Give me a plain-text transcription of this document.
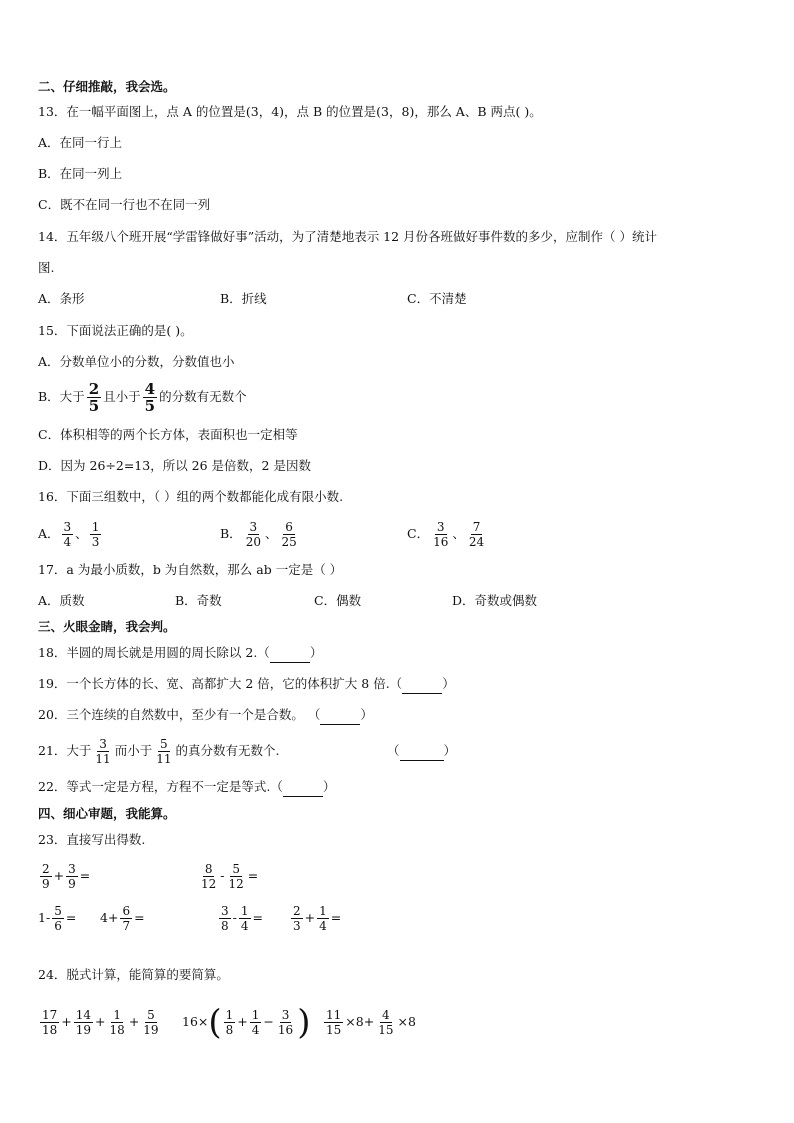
二、仔细推敲，我会选。
13．在一幅平面图上，点 A 的位置是(3，4)，点 B 的位置是(3，8)，那么 A、B 两点( )。
A．在同一行上
B．在同一列上
C．既不在同一行也不在同一列
14．五年级八个班开展“学雷锋做好事”活动，为了清楚地表示 12 月份各班做好事件数的多少，应制作（ ）统计
图.
A．条形	B．折线	C．不清楚
15．下面说法正确的是( )。
A．分数单位小的分数，分数值也小
B．大于 $\frac{2}{5}$ 且小于 $\frac{4}{5}$ 的分数有无数个
C．体积相等的两个长方体，表面积也一定相等
D．因为 26÷2=13，所以 26 是倍数，2 是因数
16．下面三组数中，（ ）组的两个数都能化成有限小数.
A． $\frac{3}{4}$ 、 $\frac{1}{3}$	B． $\frac{3}{20}$ 、 $\frac{6}{25}$	C． $\frac{3}{16}$ 、 $\frac{7}{24}$
17．a 为最小质数，b 为自然数，那么 ab 一定是（ ）
A．质数	B．奇数	C．偶数	D．奇数或偶数
三、火眼金睛，我会判。
18．半圆的周长就是用圆的周长除以 2.（	）
19．一个长方体的长、宽、高都扩大 2 倍，它的体积扩大 8 倍.（	）
20．三个连续的自然数中，至少有一个是合数。 （	）
21．大于 $\frac{3}{11}$ 而小于 $\frac{5}{11}$ 的真分数有无数个.	（	）
22．等式一定是方程，方程不一定是等式.（	）
四、细心审题，我能算。
23．直接写出得数.
$\frac{2}{9} + \frac{3}{9}$ =	$\frac{8}{12} - \frac{5}{12}$ =
$1- \frac{5}{6} = 4+ \frac{6}{7}$ =	$\frac{3}{8} - \frac{1}{4} = \frac{2}{3} + \frac{1}{4}$ =
24．脱式计算，能简算的要简算。
$\frac{17}{18} + \frac{14}{19} + \frac{1}{18} + \frac{5}{19} 16\times( \frac{1}{8} + \frac{1}{4} - \frac{3}{16}$ ) $\frac{11}{15} \times 8+ \frac{4}{15} \times 8$
